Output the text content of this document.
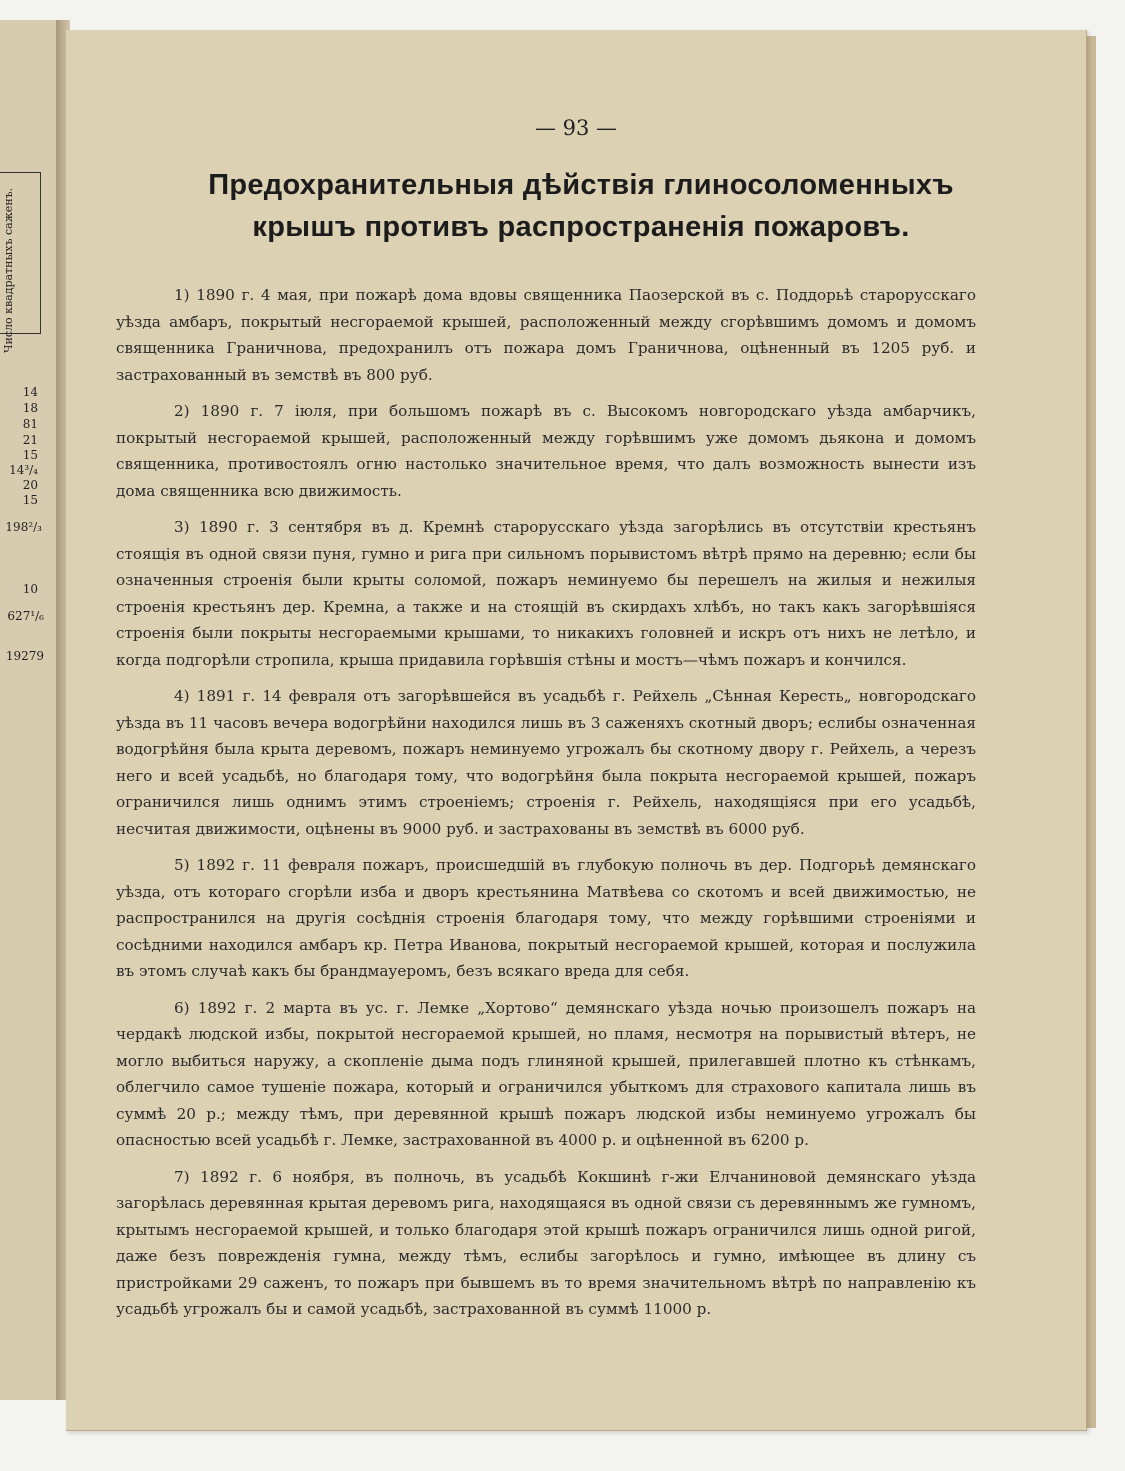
Число квадратныхъ саженъ.
14
18
81
21
15
14³/₄
20
15
198²/₃
10
627¹/₆
19279
— 93 —
Предохранительныя дѣйствія глиносоломенныхъ крышъ противъ распространенія пожаровъ.

1) 1890 г. 4 мая, при пожарѣ дома вдовы священника Паозерской въ с. Поддорьѣ старорусскаго уѣзда амбаръ, покрытый несгораемой крышей, расположенный между сгорѣвшимъ домомъ и домомъ священника Граничнова, предохранилъ отъ пожара домъ Граничнова, оцѣненный въ 1205 руб. и застрахованный въ земствѣ въ 800 руб.

2) 1890 г. 7 іюля, при большомъ пожарѣ въ с. Высокомъ новгородскаго уѣзда амбарчикъ, покрытый несгораемой крышей, расположенный между горѣвшимъ уже домомъ дьякона и домомъ священника, противостоялъ огню настолько значительное время, что далъ возможность вынести изъ дома священника всю движимость.

3) 1890 г. 3 сентября въ д. Кремнѣ старорусскаго уѣзда загорѣлись въ отсутствіи крестьянъ стоящія въ одной связи пуня, гумно и рига при сильномъ порывистомъ вѣтрѣ прямо на деревню; если бы означенныя строенія были крыты соломой, пожаръ неминуемо бы перешелъ на жилыя и нежилыя строенія крестьянъ дер. Кремна, а также и на стоящій въ скирдахъ хлѣбъ, но такъ какъ загорѣвшіяся строенія были покрыты несгораемыми крышами, то никакихъ головней и искръ отъ нихъ не летѣло, и когда подгорѣли стропила, крыша придавила горѣвшія стѣны и мостъ—чѣмъ пожаръ и кончился.

4) 1891 г. 14 февраля отъ загорѣвшейся въ усадьбѣ г. Рейхель „Сѣнная Кересть„ новгородскаго уѣзда въ 11 часовъ вечера водогрѣйни находился лишь въ 3 саженяхъ скотный дворъ; еслибы означенная водогрѣйня была крыта деревомъ, пожаръ неминуемо угрожалъ бы скотному двору г. Рейхель, а черезъ него и всей усадьбѣ, но благодаря тому, что водогрѣйня была покрыта несгораемой крышей, пожаръ ограничился лишь однимъ этимъ строеніемъ; строенія г. Рейхель, находящіяся при его усадьбѣ, несчитая движимости, оцѣнены въ 9000 руб. и застрахованы въ земствѣ въ 6000 руб.

5) 1892 г. 11 февраля пожаръ, происшедшій въ глубокую полночь въ дер. Подгорьѣ демянскаго уѣзда, отъ котораго сгорѣли изба и дворъ крестьянина Матвѣева со скотомъ и всей движимостью, не распространился на другія сосѣднія строенія благодаря тому, что между горѣвшими строеніями и сосѣдними находился амбаръ кр. Петра Иванова, покрытый несгораемой крышей, которая и послужила въ этомъ случаѣ какъ бы брандмауеромъ, безъ всякаго вреда для себя.

6) 1892 г. 2 марта въ ус. г. Лемке „Хортово“ демянскаго уѣзда ночью произошелъ пожаръ на чердакѣ людской избы, покрытой несгораемой крышей, но пламя, несмотря на порывистый вѣтеръ, не могло выбиться наружу, а скопленіе дыма подъ глиняной крышей, прилегавшей плотно къ стѣнкамъ, облегчило самое тушеніе пожара, который и ограничился убыткомъ для страхового капитала лишь въ суммѣ 20 р.; между тѣмъ, при деревянной крышѣ пожаръ людской избы неминуемо угрожалъ бы опасностью всей усадьбѣ г. Лемке, застрахованной въ 4000 р. и оцѣненной въ 6200 р.

7) 1892 г. 6 ноября, въ полночь, въ усадьбѣ Кокшинѣ г-жи Елчаниновой демянскаго уѣзда загорѣлась деревянная крытая деревомъ рига, находящаяся въ одной связи съ деревяннымъ же гумномъ, крытымъ несгораемой крышей, и только благодаря этой крышѣ пожаръ ограничился лишь одной ригой, даже безъ поврежденія гумна, между тѣмъ, еслибы загорѣлось и гумно, имѣющее въ длину съ пристройками 29 саженъ, то пожаръ при бывшемъ въ то время значительномъ вѣтрѣ по направленію къ усадьбѣ угрожалъ бы и самой усадьбѣ, застрахованной въ суммѣ 11000 р.
